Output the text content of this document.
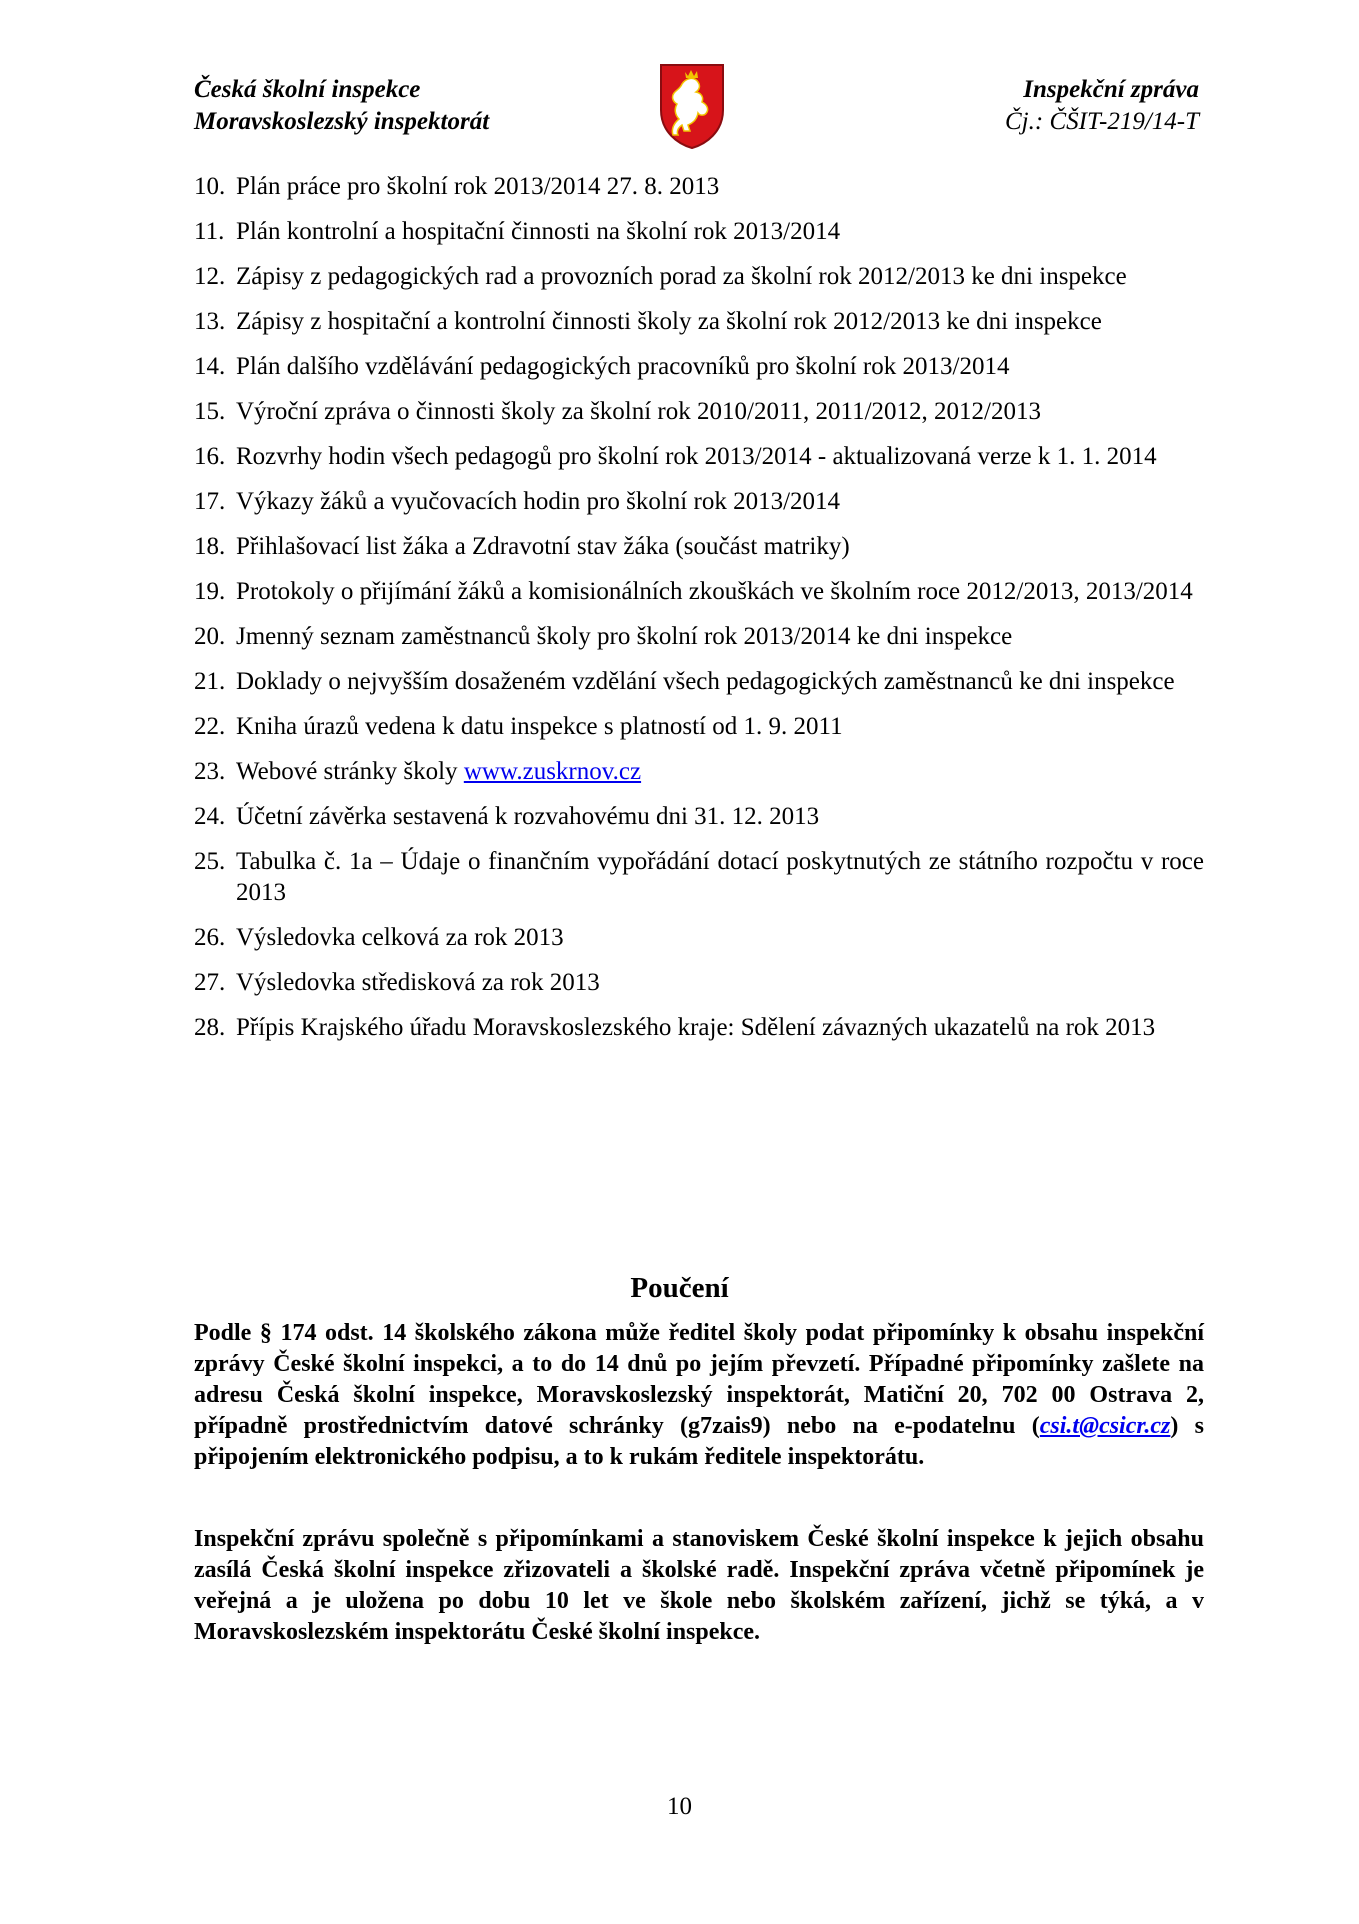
Česká školní inspekce
Moravskoslezský inspektorát
Inspekční zpráva
Čj.: ČŠIT-219/14-T
10. Plán práce pro školní rok 2013/2014 27. 8. 2013
11. Plán kontrolní a hospitační činnosti na školní rok 2013/2014
12. Zápisy z pedagogických rad a provozních porad za školní rok 2012/2013 ke dni inspekce
13. Zápisy z hospitační a kontrolní činnosti školy za školní rok 2012/2013 ke dni inspekce
14. Plán dalšího vzdělávání pedagogických pracovníků pro školní rok 2013/2014
15. Výroční zpráva o činnosti školy za školní rok 2010/2011, 2011/2012, 2012/2013
16. Rozvrhy hodin všech pedagogů pro školní rok 2013/2014 - aktualizovaná verze k 1. 1. 2014
17. Výkazy žáků a vyučovacích hodin pro školní rok 2013/2014
18. Přihlašovací list žáka a Zdravotní stav žáka (součást matriky)
19. Protokoly o přijímání žáků a komisionálních zkouškách ve školním roce 2012/2013, 2013/2014
20. Jmenný seznam zaměstnanců školy pro školní rok 2013/2014 ke dni inspekce
21. Doklady o nejvyšším dosaženém vzdělání všech pedagogických zaměstnanců ke dni inspekce
22. Kniha úrazů vedena k datu inspekce s platností od 1. 9. 2011
23. Webové stránky školy www.zuskrnov.cz
24. Účetní závěrka sestavená k rozvahovému dni 31. 12. 2013
25. Tabulka č. 1a – Údaje o finančním vypořádání dotací poskytnutých ze státního rozpočtu v roce 2013
26. Výsledovka celková za rok 2013
27. Výsledovka středisková za rok 2013
28. Přípis Krajského úřadu Moravskoslezského kraje: Sdělení závazných ukazatelů na rok 2013
Poučení

Podle § 174 odst. 14 školského zákona může ředitel školy podat připomínky k obsahu inspekční zprávy České školní inspekci, a to do 14 dnů po jejím převzetí. Případné připomínky zašlete na adresu Česká školní inspekce, Moravskoslezský inspektorát, Matiční 20, 702 00 Ostrava 2, případně prostřednictvím datové schránky (g7zais9) nebo na e-podatelnu (csi.t@csicr.cz) s připojením elektronického podpisu, a to k rukám ředitele inspektorátu.

Inspekční zprávu společně s připomínkami a stanoviskem České školní inspekce k jejich obsahu zasílá Česká školní inspekce zřizovateli a školské radě. Inspekční zpráva včetně připomínek je veřejná a je uložena po dobu 10 let ve škole nebo školském zařízení, jichž se týká, a v Moravskoslezském inspektorátu České školní inspekce.

10
